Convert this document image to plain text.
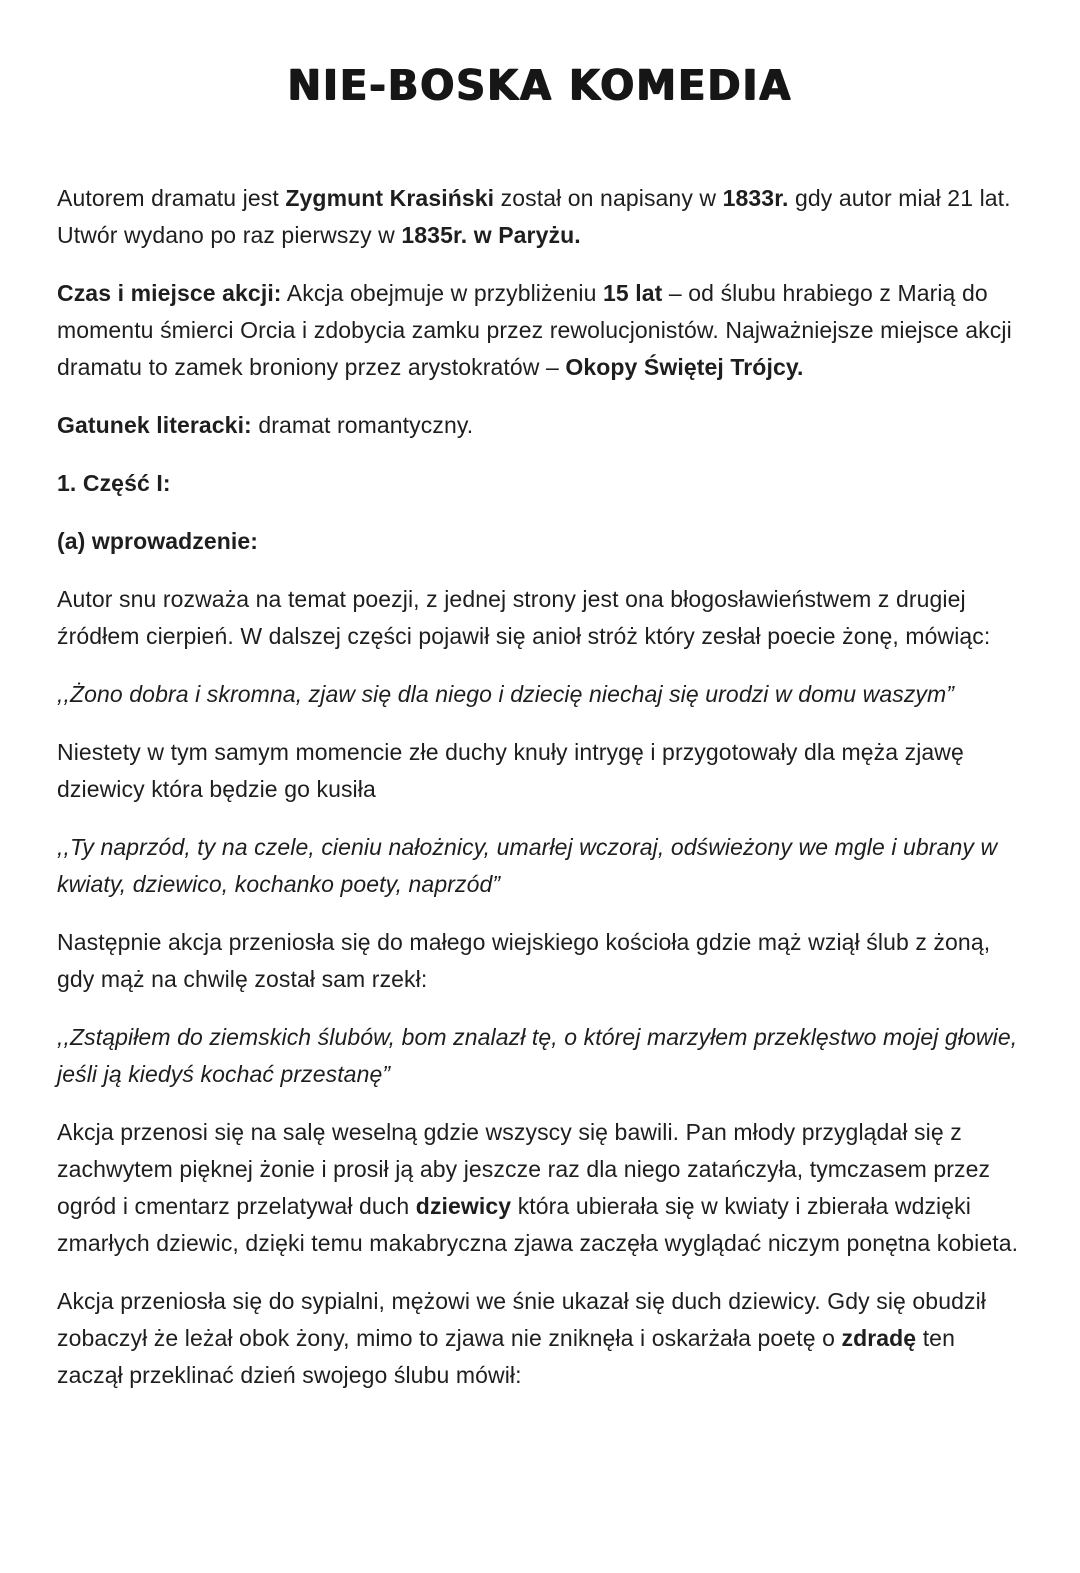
NIE-BOSKA KOMEDIA

Autorem dramatu jest Zygmunt Krasiński został on napisany w 1833r. gdy autor miał 21 lat. Utwór wydano po raz pierwszy w 1835r. w Paryżu.

Czas i miejsce akcji: Akcja obejmuje w przybliżeniu 15 lat – od ślubu hrabiego z Marią do momentu śmierci Orcia i zdobycia zamku przez rewolucjonistów. Najważniejsze miejsce akcji dramatu to zamek broniony przez arystokratów – Okopy Świętej Trójcy.

Gatunek literacki: dramat romantyczny.

1. Część I:

(a) wprowadzenie:

Autor snu rozważa na temat poezji, z jednej strony jest ona błogosławieństwem z drugiej źródłem cierpień. W dalszej części pojawił się anioł stróż który zesłał poecie żonę, mówiąc:

,,Żono dobra i skromna, zjaw się dla niego i dziecię niechaj się urodzi w domu waszym”

Niestety w tym samym momencie złe duchy knuły intrygę i przygotowały dla męża zjawę dziewicy która będzie go kusiła

,,Ty naprzód, ty na czele, cieniu nałożnicy, umarłej wczoraj, odświeżony we mgle i ubrany w kwiaty, dziewico, kochanko poety, naprzód”

Następnie akcja przeniosła się do małego wiejskiego kościoła gdzie mąż wziął ślub z żoną, gdy mąż na chwilę został sam rzekł:

,,Zstąpiłem do ziemskich ślubów, bom znalazł tę, o której marzyłem przeklęstwo mojej głowie, jeśli ją kiedyś kochać przestanę”

Akcja przenosi się na salę weselną gdzie wszyscy się bawili. Pan młody przyglądał się z zachwytem pięknej żonie i prosił ją aby jeszcze raz dla niego zatańczyła, tymczasem przez ogród i cmentarz przelatywał duch dziewicy która ubierała się w kwiaty i zbierała wdzięki zmarłych dziewic, dzięki temu makabryczna zjawa zaczęła wyglądać niczym ponętna kobieta.

Akcja przeniosła się do sypialni, mężowi we śnie ukazał się duch dziewicy. Gdy się obudził zobaczył że leżał obok żony, mimo to zjawa nie zniknęła i oskarżała poetę o zdradę ten zaczął przeklinać dzień swojego ślubu mówił:
